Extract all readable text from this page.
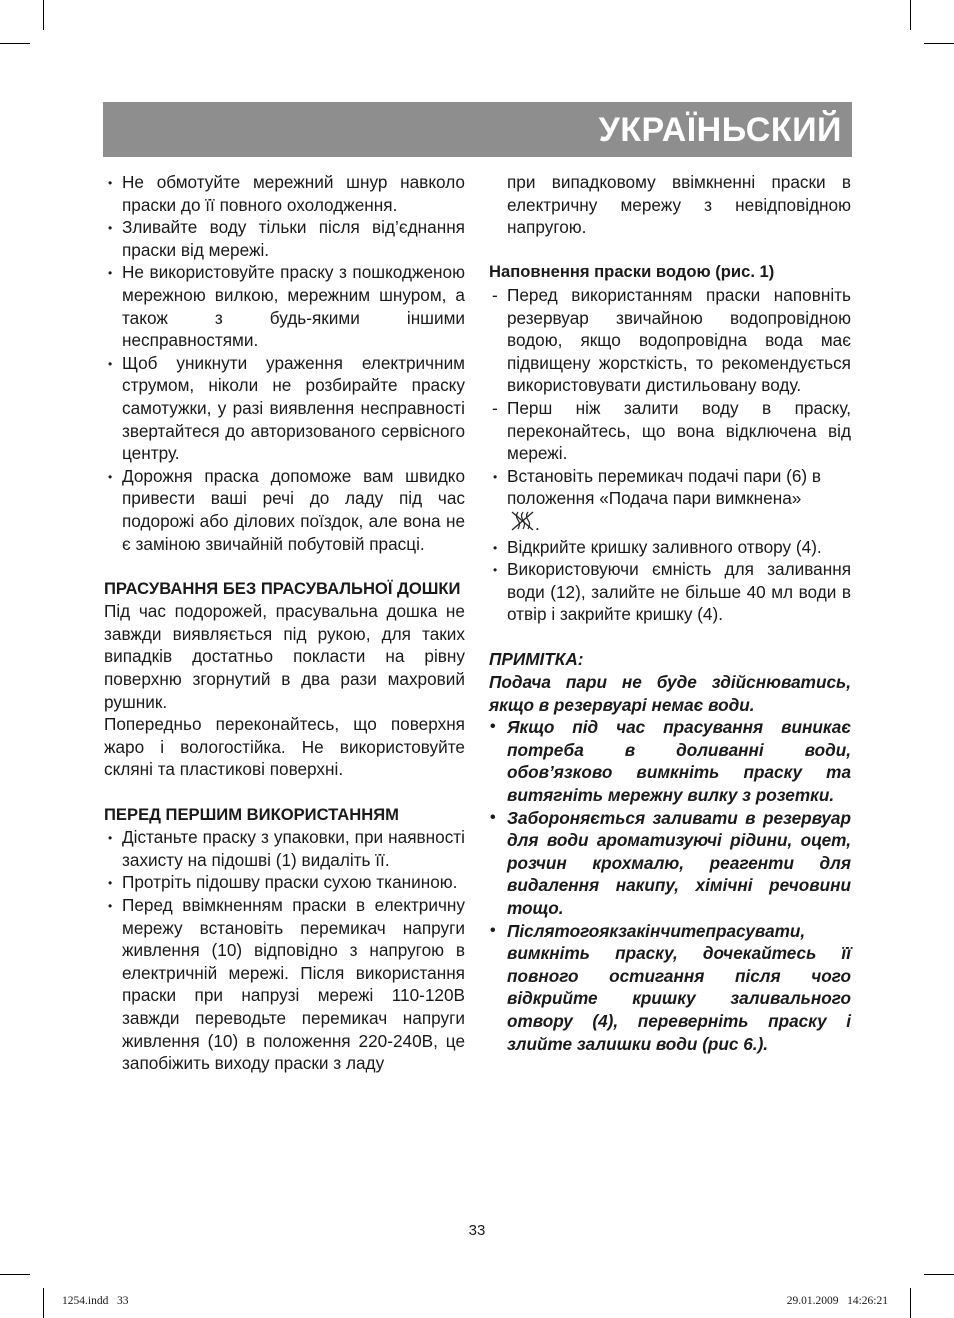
УКРАЇНЬСКИЙ
• Не обмотуйте мережний шнур навколо праски до її повного охолодження.
• Зливайте воду тільки після від’єднання праски від мережі.
• Не використовуйте праску з пошкодженою мережною вилкою, мережним шнуром, а також з будь-якими іншими несправностями.
• Щоб уникнути ураження електричним струмом, ніколи не розбирайте праску самотужки, у разі виявлення несправності звертайтеся до авторизованого сервісного центру.
• Дорожня праска допоможе вам швидко привести ваші речі до ладу під час подорожі або ділових поїздок, але вона не є заміною звичайній побутовій прасці.
ПРАСУВАННЯ БЕЗ ПРАСУВАЛЬНОЇ ДОШКИ
Під час подорожей, прасувальна дошка не завжди виявляється під рукою, для таких випадків достатньо покласти на рівну поверхню згорнутий в два рази махровий рушник.
Попередньо переконайтесь, що поверхня жаро і вологостійка. Не використовуйте скляні та пластикові поверхні.
ПЕРЕД ПЕРШИМ ВИКОРИСТАННЯМ
• Дістаньте праску з упаковки, при наявності захисту на підошві (1) видаліть її.
• Протріть підошву праски сухою тканиною.
• Перед ввімкненням праски в електричну мережу встановіть перемикач напруги живлення (10) відповідно з напругою в електричній мережі. Після використання праски при напрузі мережі 110-120В завжди переводьте перемикач напруги живлення (10) в положення 220-240В, це запобіжить виходу праски з ладу
при випадковому ввімкненні праски в електричну мережу з невідповідною напругою.
Наповнення праски водою (рис. 1)
- Перед використанням праски наповніть резервуар звичайною водопровідною водою, якщо водопровідна вода має підвищену жорсткість, то рекомендується використовувати дистильовану воду.
- Перш ніж залити воду в праску, переконайтесь, що вона відключена від мережі.
• Встановіть перемикач подачі пари (6) в положення «Подача пари вимкнена»
.
• Відкрийте кришку заливного отвору (4).
• Використовуючи ємність для заливання води (12), залийте не більше 40 мл води в отвір і закрийте кришку (4).
ПРИМІТКА:
Подача пари не буде здійснюватись, якщо в резервуарі немає води.
• Якщо під час прасування виникає потреба в доливанні води, обов’язково вимкніть праску та витягніть мережну вилку з розетки.
• Забороняється заливати в резервуар для води ароматизуючі рідини, оцет, розчин крохмалю, реагенти для видалення накипу, хімічні речовини тощо.
• Післятогоякзакінчитепрасувати, вимкніть праску, дочекайтесь її повного остигання після чого відкрийте кришку заливального отвору (4), переверніть праску і злийте залишки води (рис 6.).
33
1254.indd   33	29.01.2009   14:26:21
